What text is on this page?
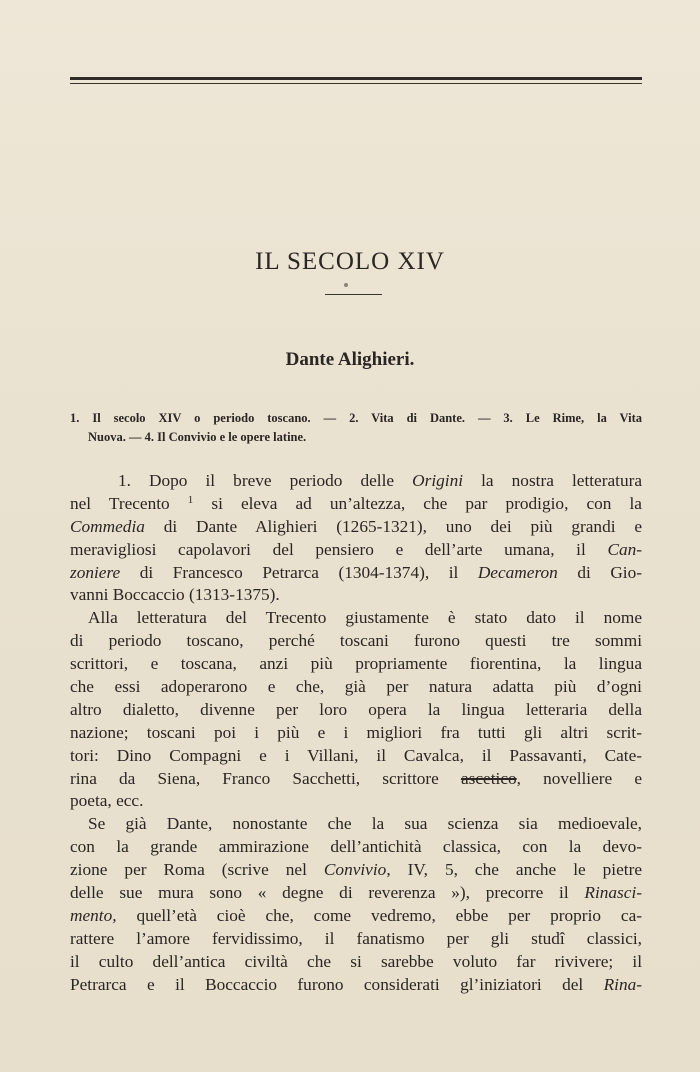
IL SECOLO XIV
Dante Alighieri.
1. Il secolo XIV o periodo toscano. — 2. Vita di Dante. — 3. Le Rime, la Vita
Nuova. — 4. Il Convivio e le opere latine.
1. Dopo il breve periodo delle Origini la nostra letteratura
nel Trecento $^1$ si eleva ad un’altezza, che par prodigio, con la
Commedia di Dante Alighieri (1265-1321), uno dei più grandi e
meravigliosi capolavori del pensiero e dell’arte umana, il Can-
zoniere di Francesco Petrarca (1304-1374), il Decameron di Gio-
vanni Boccaccio (1313-1375).
Alla letteratura del Trecento giustamente è stato dato il nome
di periodo toscano, perché toscani furono questi tre sommi
scrittori, e toscana, anzi più propriamente fiorentina, la lingua
che essi adoperarono e che, già per natura adatta più d’ogni
altro dialetto, divenne per loro opera la lingua letteraria della
nazione; toscani poi i più e i migliori fra tutti gli altri scrit-
tori: Dino Compagni e i Villani, il Cavalca, il Passavanti, Cate-
rina da Siena, Franco Sacchetti, scrittore ascetico, novelliere e
poeta, ecc.
Se già Dante, nonostante che la sua scienza sia medioevale,
con la grande ammirazione dell’antichità classica, con la devo-
zione per Roma (scrive nel Convivio, IV, 5, che anche le pietre
delle sue mura sono « degne di reverenza »), precorre il Rinasci-
mento, quell’età cioè che, come vedremo, ebbe per proprio ca-
rattere l’amore fervidissimo, il fanatismo per gli studî classici,
il culto dell’antica civiltà che si sarebbe voluto far rivivere; il
Petrarca e il Boccaccio furono considerati gl’iniziatori del Rina-
